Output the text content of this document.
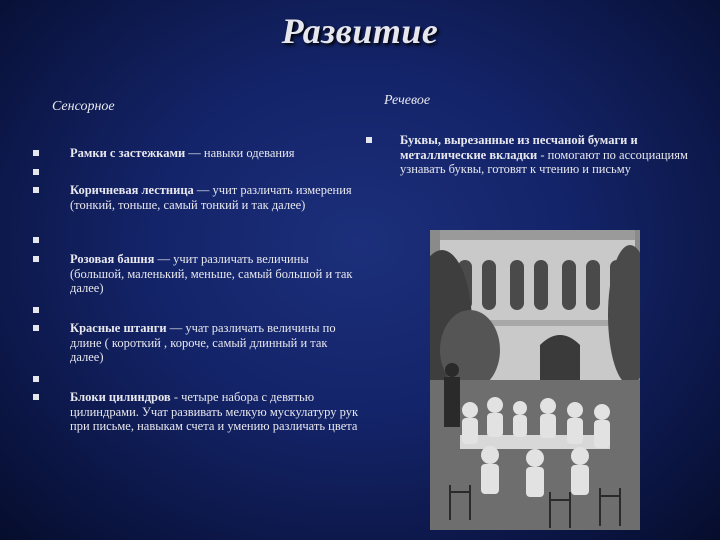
Развитие
Сенсорное	Речевое
Рамки с застежками — навыки одевания
Коричневая лестница — учит различать измерения (тонкий, тоньше, самый тонкий и так далее)
Розовая башня — учит различать величины (большой, маленький, меньше, самый большой и так далее)
Красные штанги — учат различать величины по длине ( короткий , короче, самый длинный и так далее)
Блоки цилиндров - четыре набора с девятью цилиндрами. Учат развивать мелкую мускулатуру рук при письме, навыкам счета и умению различать цвета
Буквы, вырезанные из песчаной бумаги и металлические вкладки - помогают по ассоциациям узнавать буквы, готовят к чтению и письму
